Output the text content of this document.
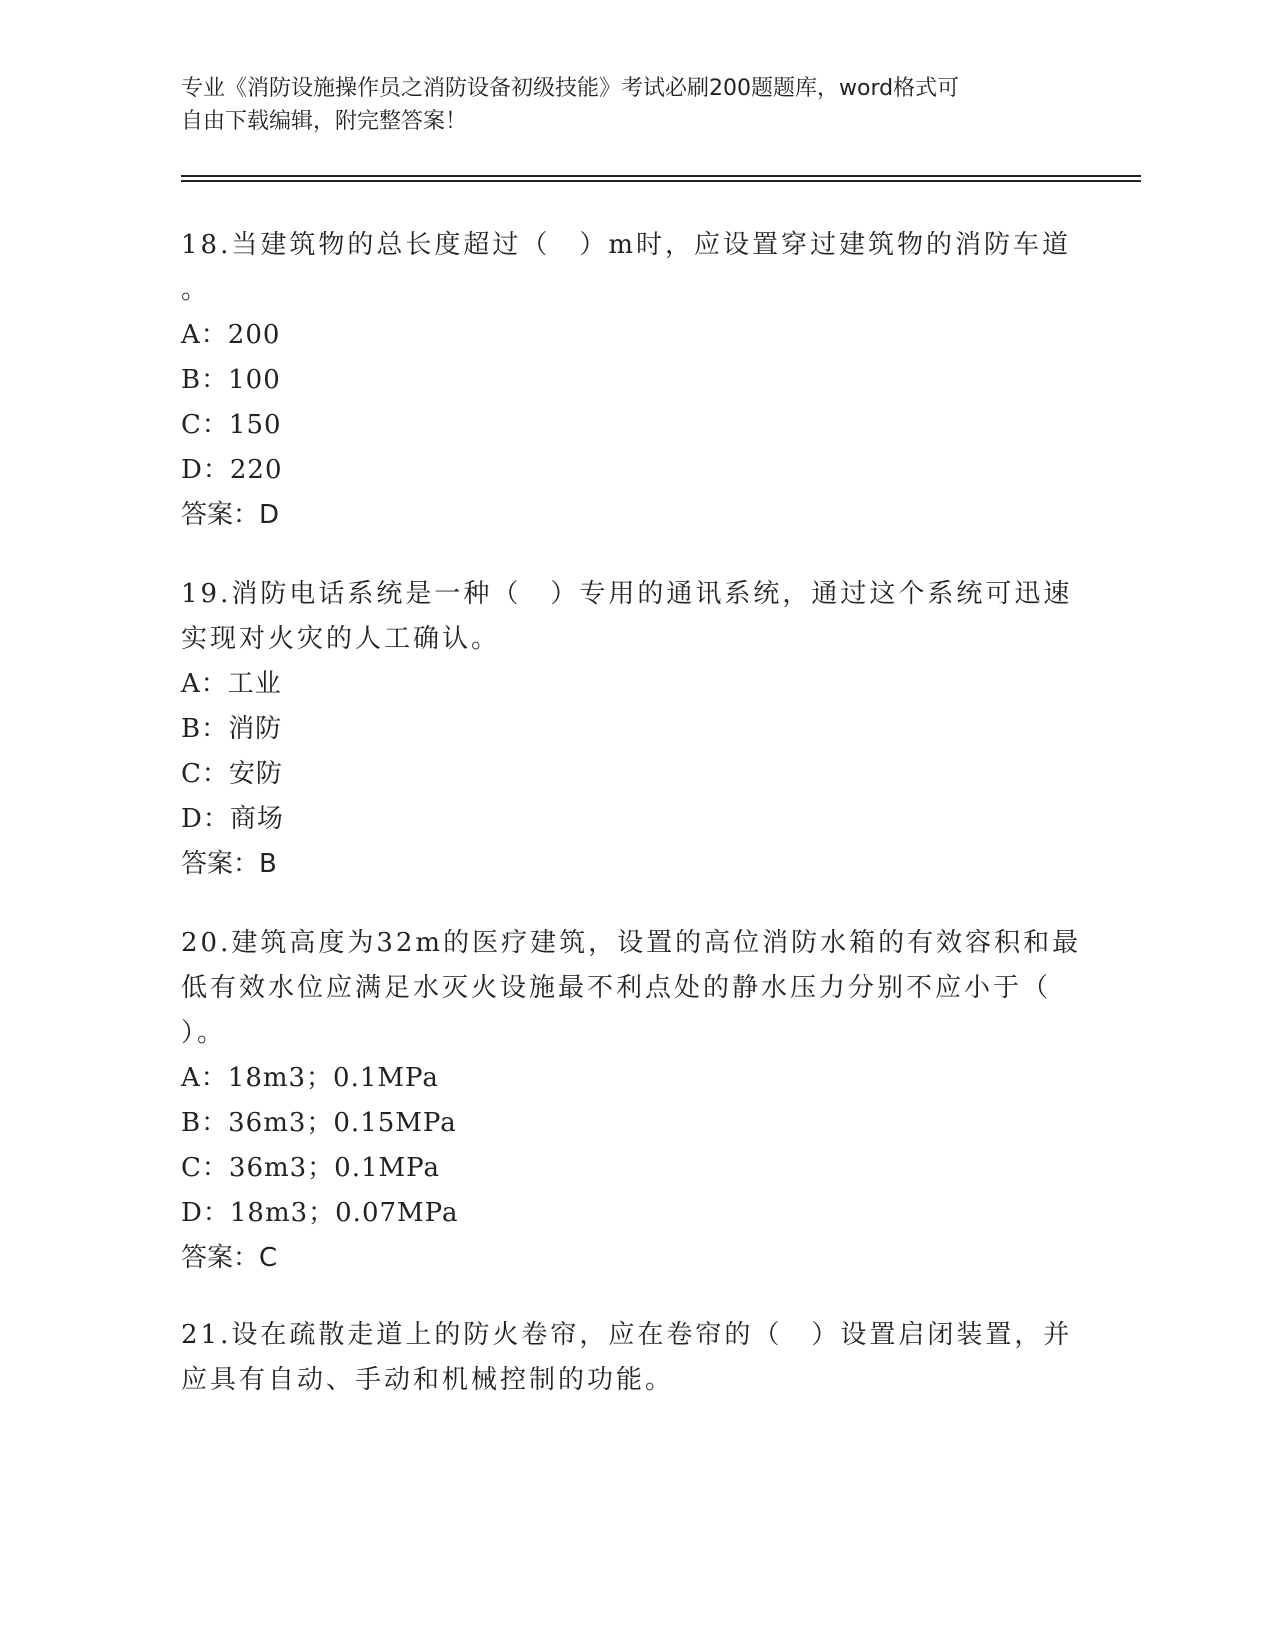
专业《消防设施操作员之消防设备初级技能》考试必刷200题题库，word格式可
自由下载编辑，附完整答案！
18.当建筑物的总长度超过（　）m时，应设置穿过建筑物的消防车道
。
A：200
B：100
C：150
D：220
答案：D
19.消防电话系统是一种（　）专用的通讯系统，通过这个系统可迅速
实现对火灾的人工确认。
A：工业
B：消防
C：安防
D：商场
答案：B
20.建筑高度为32m的医疗建筑，设置的高位消防水箱的有效容积和最
低有效水位应满足水灭火设施最不利点处的静水压力分别不应小于（
）。
A：18m3；0.1MPa
B：36m3；0.15MPa
C：36m3；0.1MPa
D：18m3；0.07MPa
答案：C
21.设在疏散走道上的防火卷帘，应在卷帘的（　）设置启闭装置，并
应具有自动、手动和机械控制的功能。
